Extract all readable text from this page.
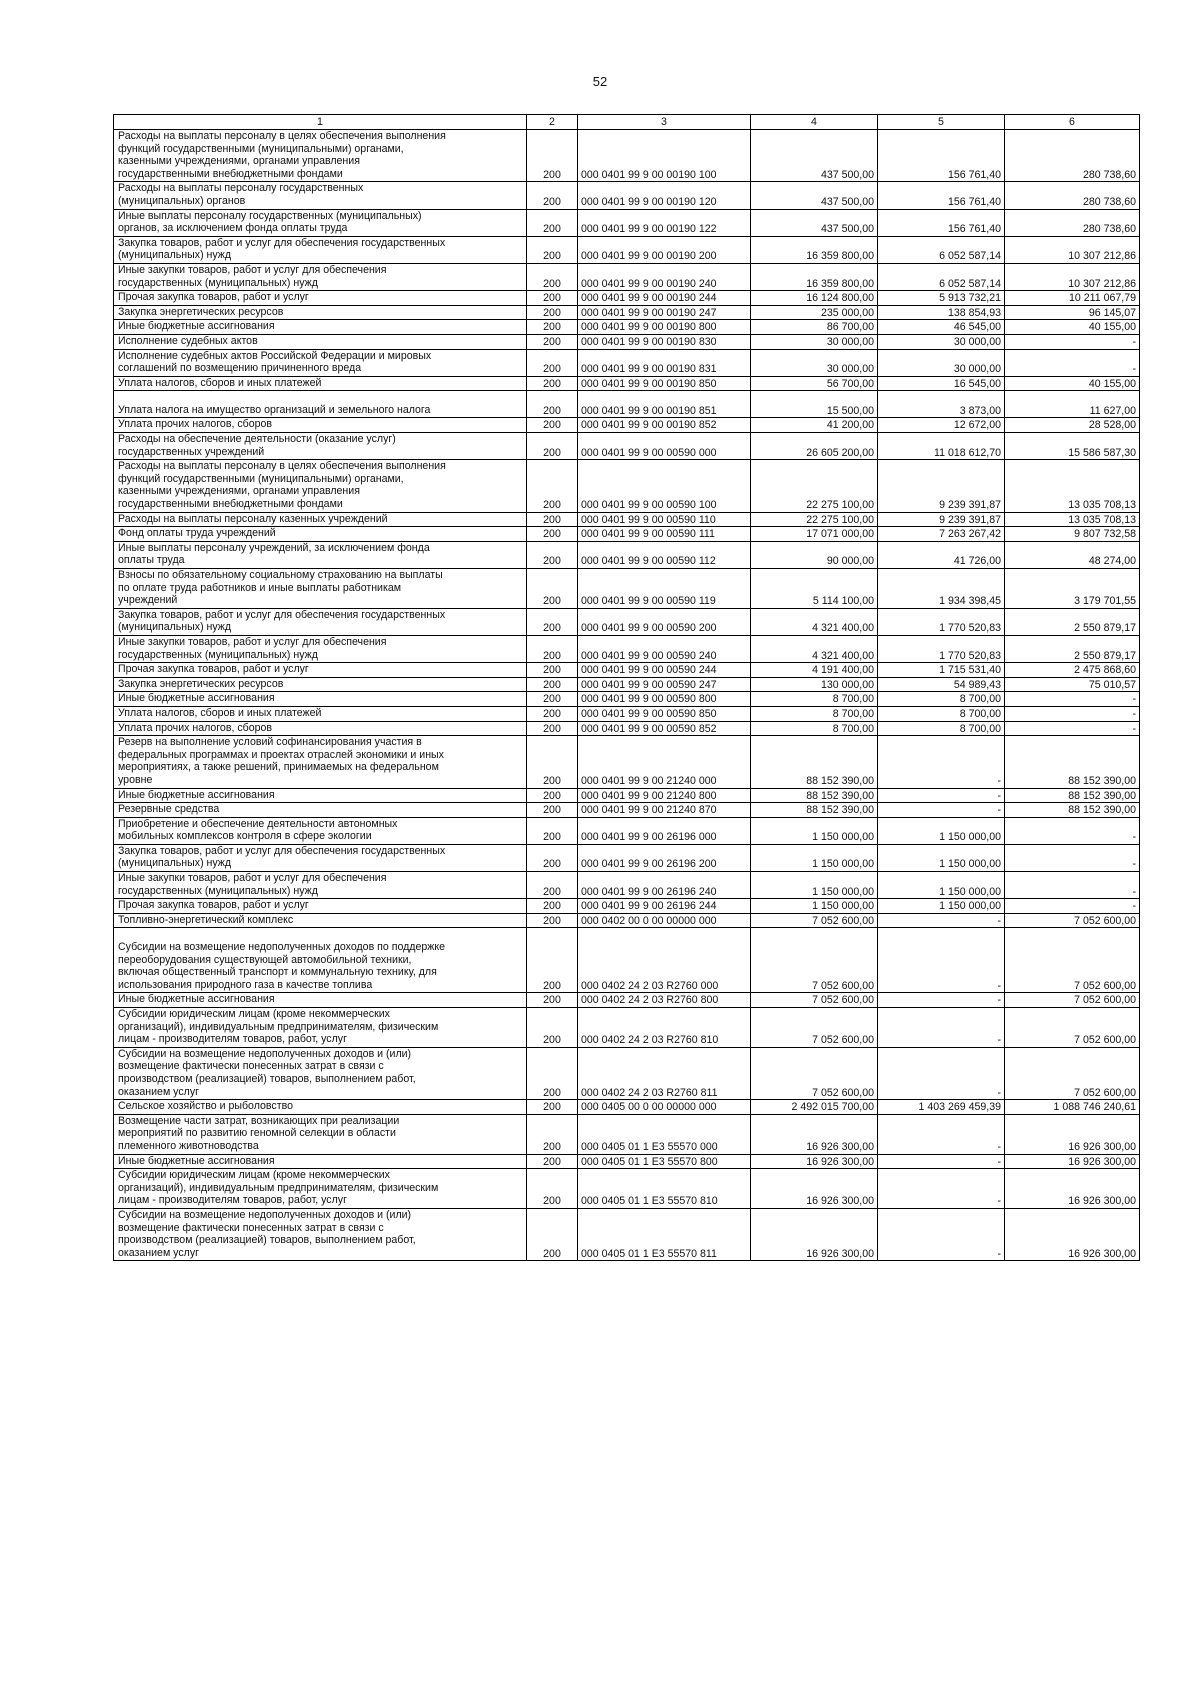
52
1	2	3	4	5	6
Расходы на выплаты персоналу в целях обеспечения выполнения
функций государственными (муниципальными) органами,
казенными учреждениями, органами управления
государственными внебюджетными фондами	200	000 0401 99 9 00 00190 100	437 500,00	156 761,40	280 738,60
Расходы на выплаты персоналу государственных
(муниципальных) органов	200	000 0401 99 9 00 00190 120	437 500,00	156 761,40	280 738,60
Иные выплаты персоналу государственных (муниципальных)
органов, за исключением фонда оплаты труда	200	000 0401 99 9 00 00190 122	437 500,00	156 761,40	280 738,60
Закупка товаров, работ и услуг для обеспечения государственных
(муниципальных) нужд	200	000 0401 99 9 00 00190 200	16 359 800,00	6 052 587,14	10 307 212,86
Иные закупки товаров, работ и услуг для обеспечения
государственных (муниципальных) нужд	200	000 0401 99 9 00 00190 240	16 359 800,00	6 052 587,14	10 307 212,86
Прочая закупка товаров, работ и услуг	200	000 0401 99 9 00 00190 244	16 124 800,00	5 913 732,21	10 211 067,79
Закупка энергетических ресурсов	200	000 0401 99 9 00 00190 247	235 000,00	138 854,93	96 145,07
Иные бюджетные ассигнования	200	000 0401 99 9 00 00190 800	86 700,00	46 545,00	40 155,00
Исполнение судебных актов	200	000 0401 99 9 00 00190 830	30 000,00	30 000,00	-
Исполнение судебных актов Российской Федерации и мировых
соглашений по возмещению причиненного вреда	200	000 0401 99 9 00 00190 831	30 000,00	30 000,00	-
Уплата налогов, сборов и иных платежей	200	000 0401 99 9 00 00190 850	56 700,00	16 545,00	40 155,00

Уплата налога на имущество организаций и земельного налога	200	000 0401 99 9 00 00190 851	15 500,00	3 873,00	11 627,00
Уплата прочих налогов, сборов	200	000 0401 99 9 00 00190 852	41 200,00	12 672,00	28 528,00
Расходы на обеспечение деятельности (оказание услуг)
государственных учреждений	200	000 0401 99 9 00 00590 000	26 605 200,00	11 018 612,70	15 586 587,30
Расходы на выплаты персоналу в целях обеспечения выполнения
функций государственными (муниципальными) органами,
казенными учреждениями, органами управления
государственными внебюджетными фондами	200	000 0401 99 9 00 00590 100	22 275 100,00	9 239 391,87	13 035 708,13
Расходы на выплаты персоналу казенных учреждений	200	000 0401 99 9 00 00590 110	22 275 100,00	9 239 391,87	13 035 708,13
Фонд оплаты труда учреждений	200	000 0401 99 9 00 00590 111	17 071 000,00	7 263 267,42	9 807 732,58
Иные выплаты персоналу учреждений, за исключением фонда
оплаты труда	200	000 0401 99 9 00 00590 112	90 000,00	41 726,00	48 274,00
Взносы по обязательному социальному страхованию на выплаты
по оплате труда работников и иные выплаты работникам
учреждений	200	000 0401 99 9 00 00590 119	5 114 100,00	1 934 398,45	3 179 701,55
Закупка товаров, работ и услуг для обеспечения государственных
(муниципальных) нужд	200	000 0401 99 9 00 00590 200	4 321 400,00	1 770 520,83	2 550 879,17
Иные закупки товаров, работ и услуг для обеспечения
государственных (муниципальных) нужд	200	000 0401 99 9 00 00590 240	4 321 400,00	1 770 520,83	2 550 879,17
Прочая закупка товаров, работ и услуг	200	000 0401 99 9 00 00590 244	4 191 400,00	1 715 531,40	2 475 868,60
Закупка энергетических ресурсов	200	000 0401 99 9 00 00590 247	130 000,00	54 989,43	75 010,57
Иные бюджетные ассигнования	200	000 0401 99 9 00 00590 800	8 700,00	8 700,00	-
Уплата налогов, сборов и иных платежей	200	000 0401 99 9 00 00590 850	8 700,00	8 700,00	-
Уплата прочих налогов, сборов	200	000 0401 99 9 00 00590 852	8 700,00	8 700,00	-
Резерв на выполнение условий софинансирования участия в
федеральных программах и проектах отраслей экономики и иных
мероприятиях, а также решений, принимаемых на федеральном
уровне	200	000 0401 99 9 00 21240 000	88 152 390,00	-	88 152 390,00
Иные бюджетные ассигнования	200	000 0401 99 9 00 21240 800	88 152 390,00	-	88 152 390,00
Резервные средства	200	000 0401 99 9 00 21240 870	88 152 390,00	-	88 152 390,00
Приобретение и обеспечение деятельности автономных
мобильных комплексов контроля в сфере экологии	200	000 0401 99 9 00 26196 000	1 150 000,00	1 150 000,00	-
Закупка товаров, работ и услуг для обеспечения государственных
(муниципальных) нужд	200	000 0401 99 9 00 26196 200	1 150 000,00	1 150 000,00	-
Иные закупки товаров, работ и услуг для обеспечения
государственных (муниципальных) нужд	200	000 0401 99 9 00 26196 240	1 150 000,00	1 150 000,00	-
Прочая закупка товаров, работ и услуг	200	000 0401 99 9 00 26196 244	1 150 000,00	1 150 000,00	-
Топливно-энергетический комплекс	200	000 0402 00 0 00 00000 000	7 052 600,00	-	7 052 600,00

Субсидии на возмещение недополученных доходов по поддержке
переоборудования существующей автомобильной техники,
включая общественный транспорт и коммунальную технику, для
использования природного газа в качестве топлива	200	000 0402 24 2 03 R2760 000	7 052 600,00	-	7 052 600,00
Иные бюджетные ассигнования	200	000 0402 24 2 03 R2760 800	7 052 600,00	-	7 052 600,00
Субсидии юридическим лицам (кроме некоммерческих
организаций), индивидуальным предпринимателям, физическим
лицам - производителям товаров, работ, услуг	200	000 0402 24 2 03 R2760 810	7 052 600,00	-	7 052 600,00
Субсидии на возмещение недополученных доходов и (или)
возмещение фактически понесенных затрат в связи с
производством (реализацией) товаров, выполнением работ,
оказанием услуг	200	000 0402 24 2 03 R2760 811	7 052 600,00	-	7 052 600,00
Сельское хозяйство и рыболовство	200	000 0405 00 0 00 00000 000	2 492 015 700,00	1 403 269 459,39	1 088 746 240,61
Возмещение части затрат, возникающих при реализации
мероприятий по развитию геномной селекции в области
племенного животноводства	200	000 0405 01 1 Е3 55570 000	16 926 300,00	-	16 926 300,00
Иные бюджетные ассигнования	200	000 0405 01 1 Е3 55570 800	16 926 300,00	-	16 926 300,00
Субсидии юридическим лицам (кроме некоммерческих
организаций), индивидуальным предпринимателям, физическим
лицам - производителям товаров, работ, услуг	200	000 0405 01 1 Е3 55570 810	16 926 300,00	-	16 926 300,00
Субсидии на возмещение недополученных доходов и (или)
возмещение фактически понесенных затрат в связи с
производством (реализацией) товаров, выполнением работ,
оказанием услуг	200	000 0405 01 1 Е3 55570 811	16 926 300,00	-	16 926 300,00
